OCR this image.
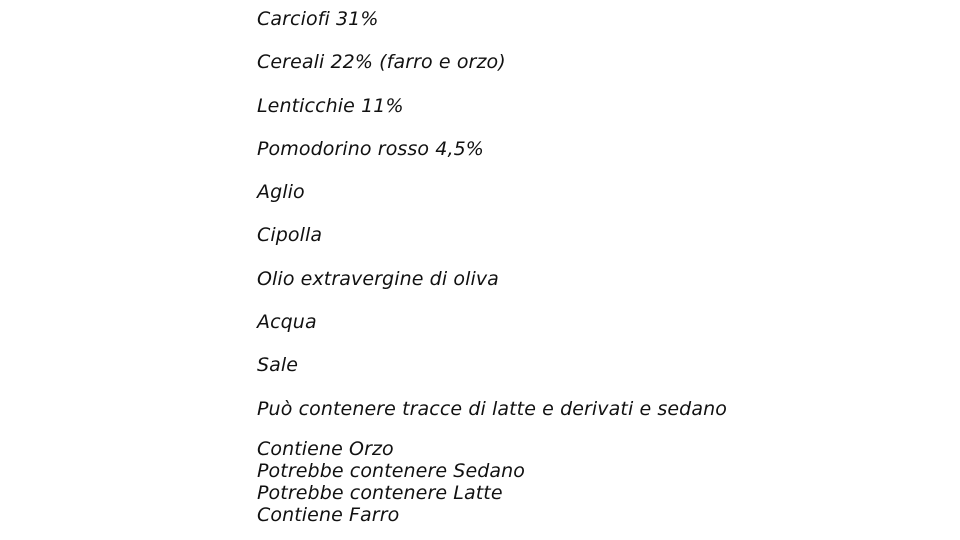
Carciofi 31%
Cereali 22% (farro e orzo)
Lenticchie 11%
Pomodorino rosso 4,5%
Aglio
Cipolla
Olio extravergine di oliva
Acqua
Sale
Può contenere tracce di latte e derivati e sedano
Contiene Orzo
Potrebbe contenere Sedano
Potrebbe contenere Latte
Contiene Farro
